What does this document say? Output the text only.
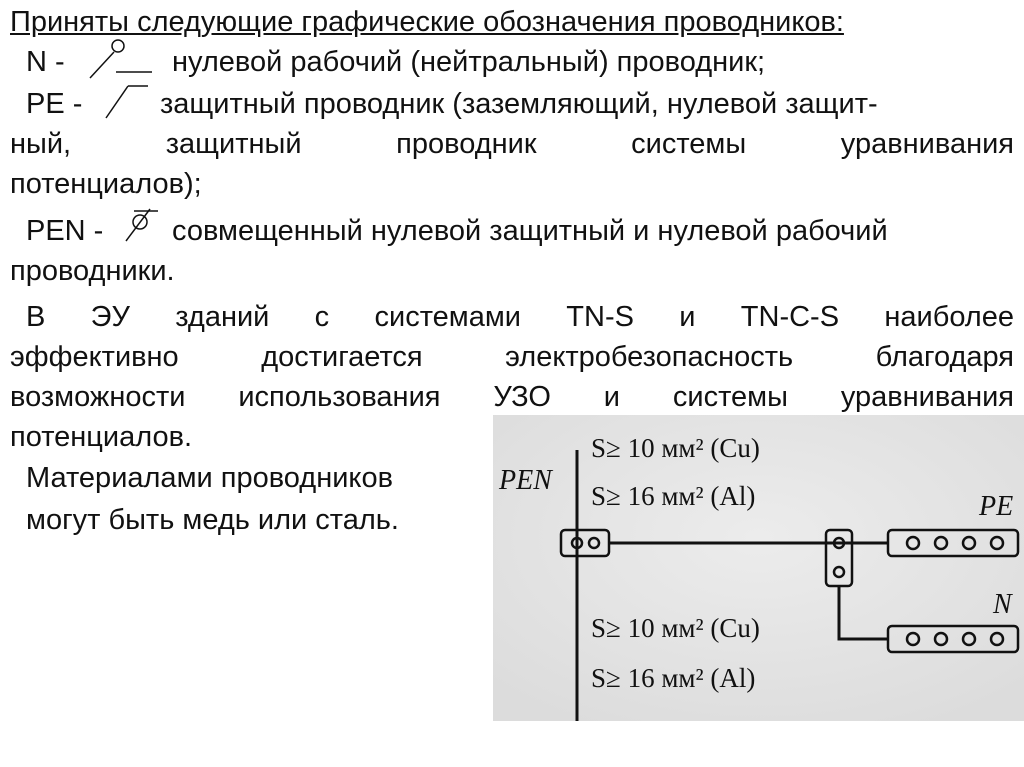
Приняты следующие графические обозначения проводников:
N -	нулевой рабочий (нейтральный) проводник;
PE -	защитный проводник (заземляющий, нулевой защит-
ный, защитный проводник системы уравнивания
потенциалов);
PEN - совмещенный нулевой защитный и нулевой рабочий
проводники.
В ЭУ зданий с системами TN-S и TN-C-S наиболее
эффективно достигается электробезопасность благодаря
возможности использования УЗО и системы уравнивания
потенциалов.
Материалами проводников
могут быть медь или сталь.
PEN
S≥ 10 мм² (Cu)
S≥ 16 мм² (Al)	PE
N
S≥ 10 мм² (Cu)
S≥ 16 мм² (Al)
